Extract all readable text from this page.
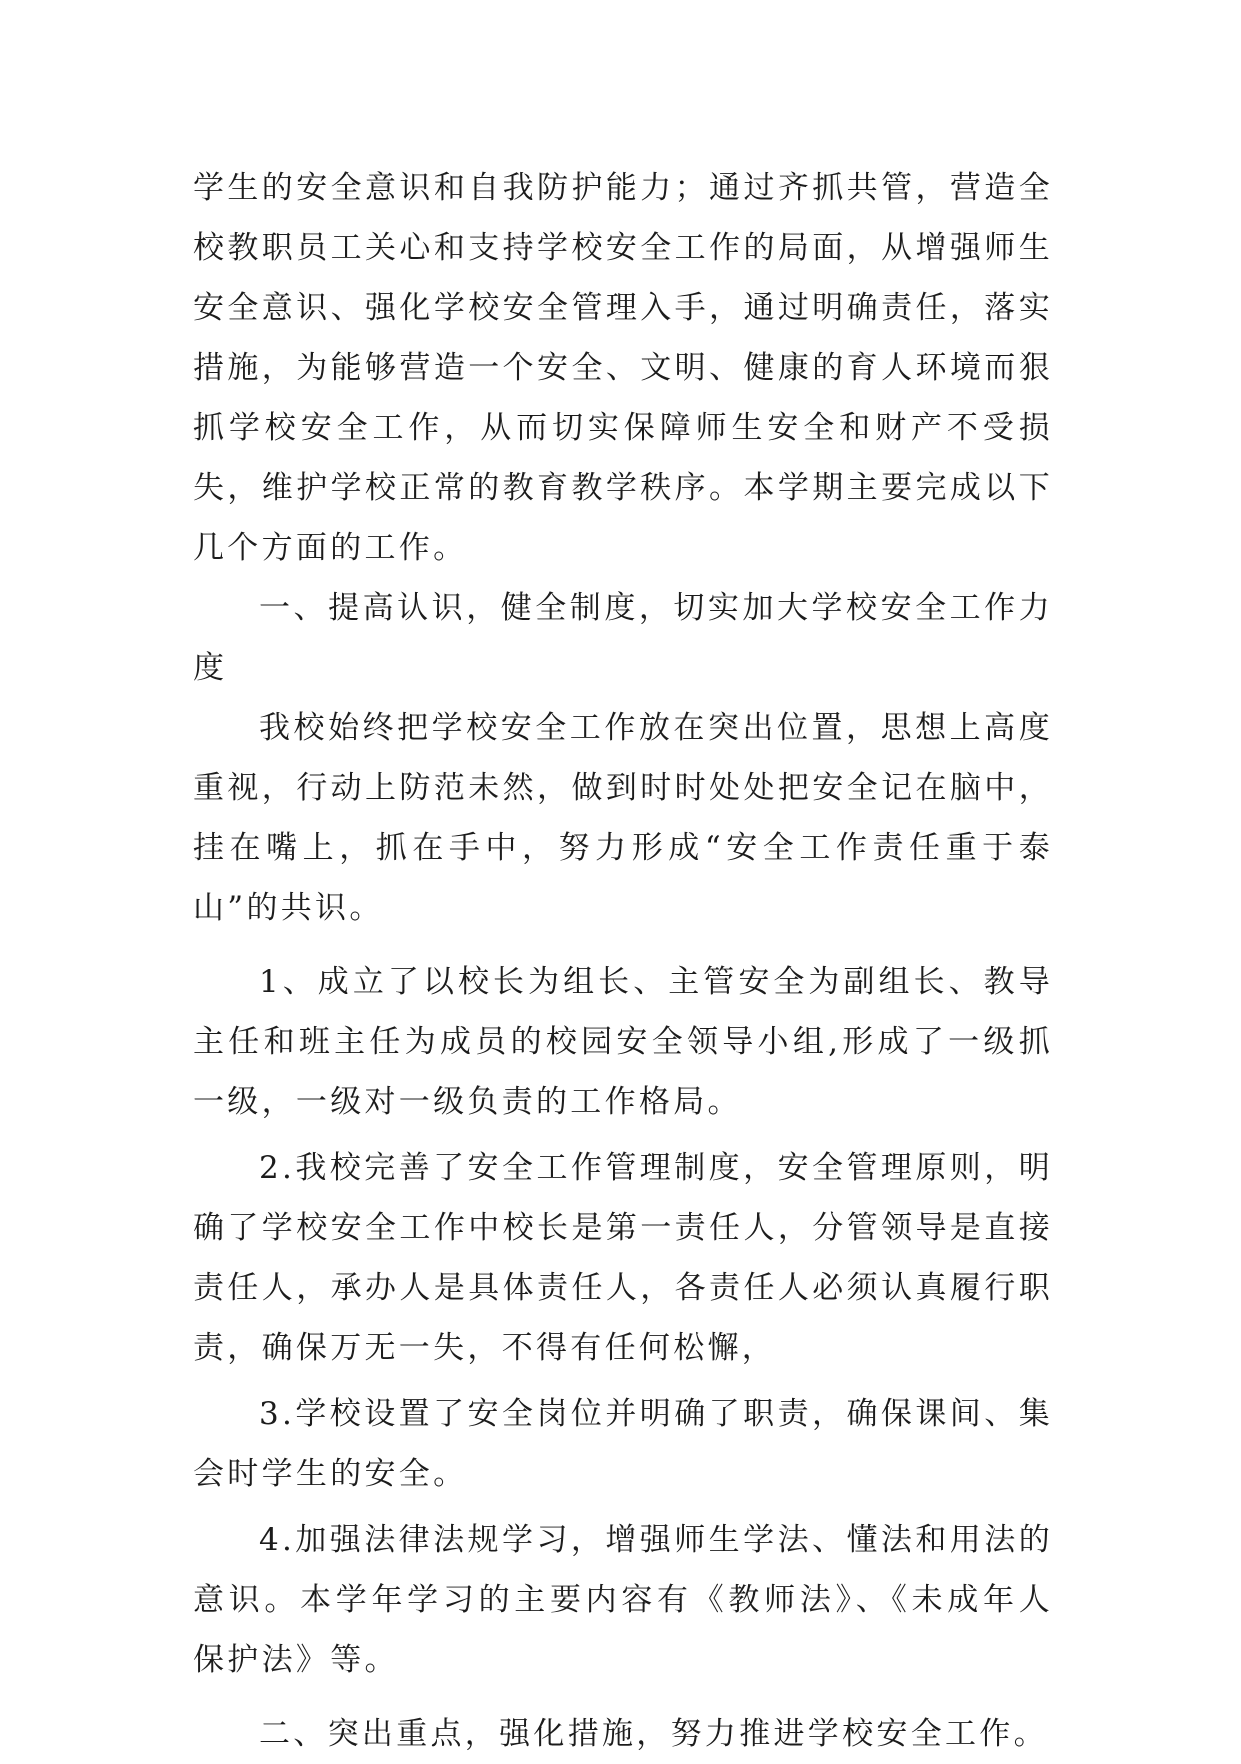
学生的安全意识和自我防护能力；通过齐抓共管，营造全校教职员工关心和支持学校安全工作的局面，从增强师生安全意识、强化学校安全管理入手，通过明确责任，落实措施，为能够营造一个安全、文明、健康的育人环境而狠抓学校安全工作，从而切实保障师生安全和财产不受损失，维护学校正常的教育教学秩序。本学期主要完成以下几个方面的工作。

一、提高认识，健全制度，切实加大学校安全工作力度

我校始终把学校安全工作放在突出位置，思想上高度重视，行动上防范未然，做到时时处处把安全记在脑中，挂在嘴上，抓在手中，努力形成“安全工作责任重于泰山”的共识。

1、成立了以校长为组长、主管安全为副组长、教导主任和班主任为成员的校园安全领导小组,形成了一级抓一级，一级对一级负责的工作格局。

2.我校完善了安全工作管理制度，安全管理原则，明确了学校安全工作中校长是第一责任人，分管领导是直接责任人，承办人是具体责任人，各责任人必须认真履行职责，确保万无一失，不得有任何松懈，

3.学校设置了安全岗位并明确了职责，确保课间、集会时学生的安全。

4.加强法律法规学习，增强师生学法、懂法和用法的意识。本学年学习的主要内容有《教师法》、《未成年人保护法》等。

二、突出重点，强化措施，努力推进学校安全工作。
